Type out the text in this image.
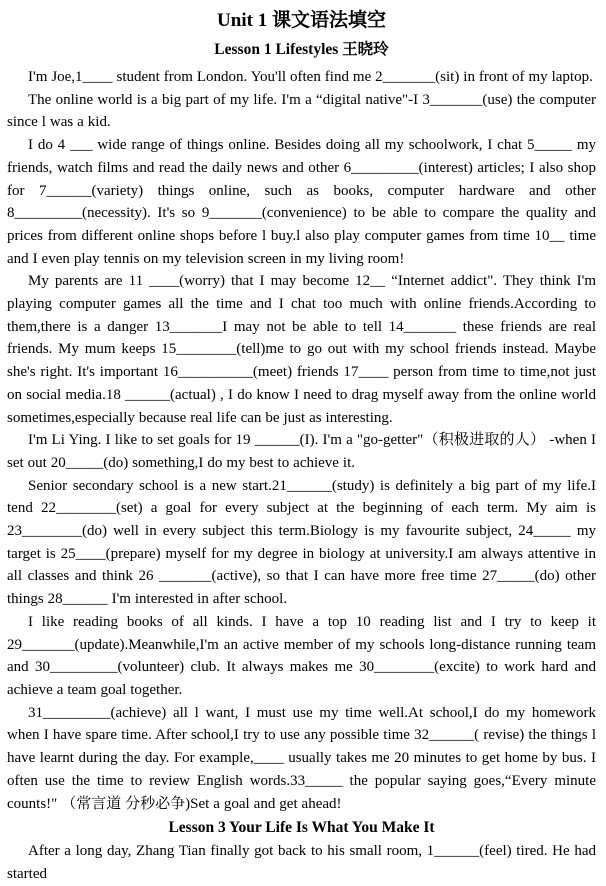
Unit 1 课文语法填空
Lesson 1 Lifestyles 王晓玲

I'm Joe,1____ student from London. You'll often find me 2_______(sit) in front of my laptop.

The online world is a big part of my life. I'm a “digital native"-I 3_______(use) the computer since l was a kid.

I do 4 ___ wide range of things online. Besides doing all my schoolwork, I chat 5_____ my friends, watch films and read the daily news and other 6_________(interest) articles; I also shop for 7______(variety) things online, such as books, computer hardware and other 8_________(necessity). It's so 9_______(convenience) to be able to compare the quality and prices from different online shops before l buy.l also play computer games from time 10__ time and I even play tennis on my television screen in my living room!

My parents are 11 ____(worry) that I may become 12__ “Internet addict". They think I'm playing computer games all the time and I chat too much with online friends.According to them,there is a danger 13_______I may not be able to tell 14_______ these friends are real friends. My mum keeps 15________(tell)me to go out with my school friends instead. Maybe she's right. It's important 16__________(meet) friends 17____ person from time to time,not just on social media.18 ______(actual) , I do know I need to drag myself away from the online world sometimes,especially because real life can be just as interesting.

I'm Li Ying. I like to set goals for 19 ______(I). I'm a "go-getter"（积极进取的人） -when I set out 20_____(do) something,I do my best to achieve it.

Senior secondary school is a new start.21______(study) is definitely a big part of my life.I tend 22________(set) a goal for every subject at the beginning of each term. My aim is 23________(do) well in every subject this term.Biology is my favourite subject, 24_____ my target is 25____(prepare) myself for my degree in biology at university.I am always attentive in all classes and think 26 _______(active), so that I can have more free time 27_____(do) other things 28______ I'm interested in after school.

I like reading books of all kinds. I have a top 10 reading list and I try to keep it 29_______(update).Meanwhile,I'm an active member of my schools long-distance running team and 30_________(volunteer) club. It always makes me 30________(excite) to work hard and achieve a team goal together.

31_________(achieve) all l want, I must use my time well.At school,I do my homework when I have spare time. After school,I try to use any possible time 32______( revise) the things l have learnt during the day. For example,____ usually takes me 20 minutes to get home by bus. I often use the time to review English words.33_____ the popular saying goes,“Every minute counts!" （常言道 分秒必争)Set a goal and get ahead!

Lesson 3 Your Life Is What You Make It

After a long day, Zhang Tian finally got back to his small room, 1______(feel) tired. He had started
